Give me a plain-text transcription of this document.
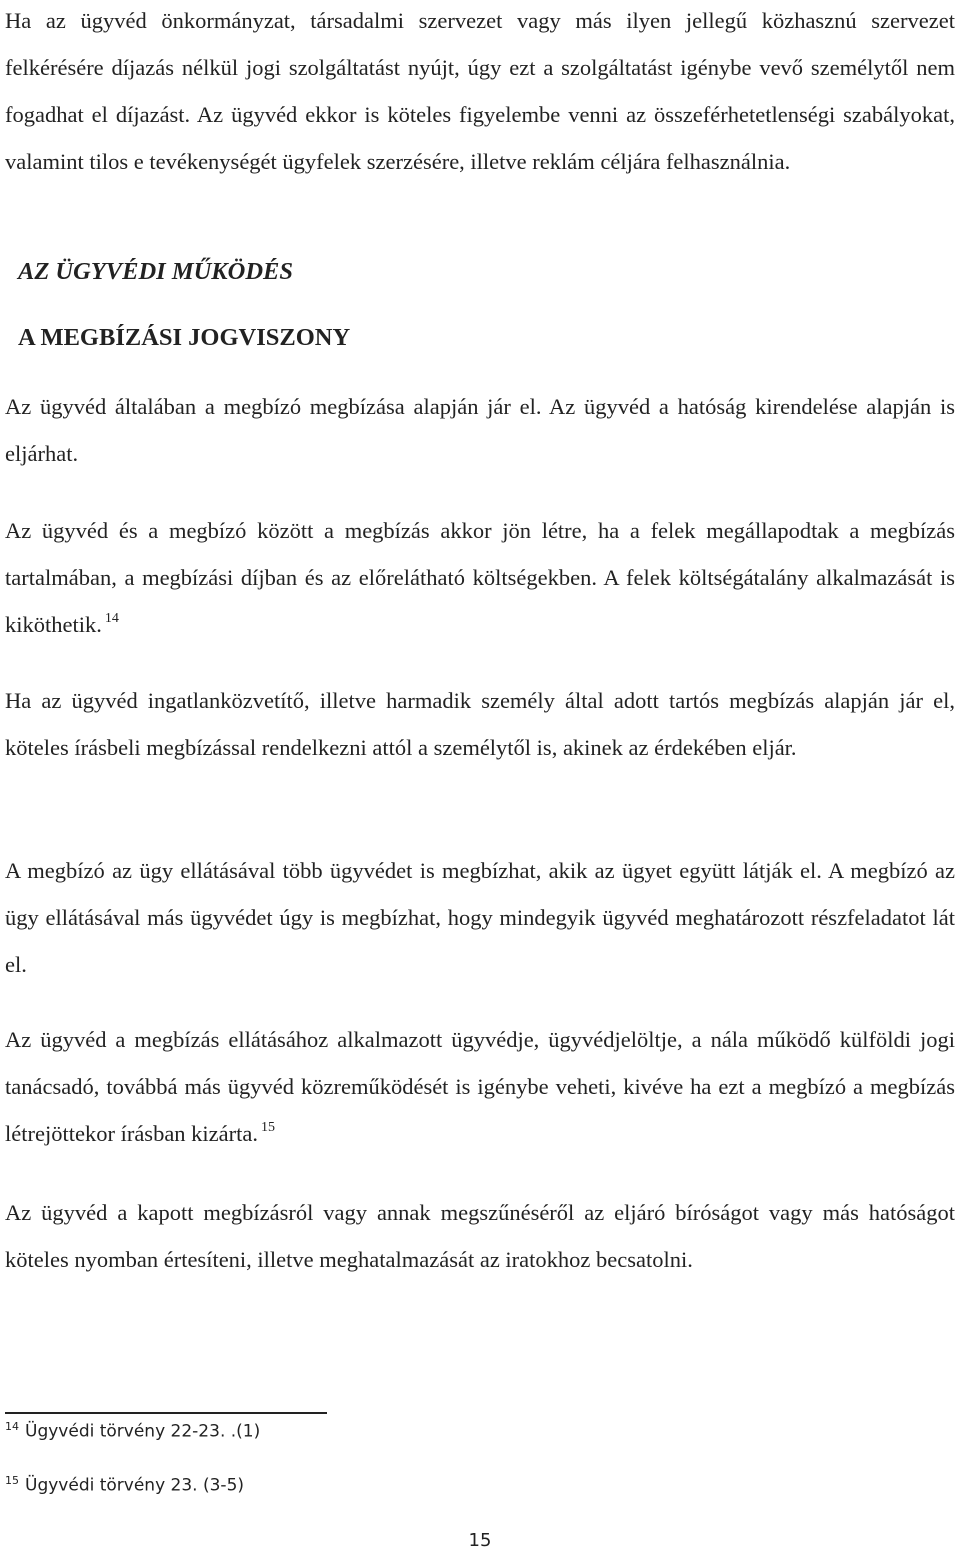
Ha az ügyvéd önkormányzat, társadalmi szervezet vagy más ilyen jellegű közhasznú szervezet felkérésére díjazás nélkül jogi szolgáltatást nyújt, úgy ezt a szolgáltatást igénybe vevő személytől nem fogadhat el díjazást. Az ügyvéd ekkor is köteles figyelembe venni az összeférhetetlenségi szabályokat, valamint tilos e tevékenységét ügyfelek szerzésére, illetve reklám céljára felhasználnia.

AZ ÜGYVÉDI MŰKÖDÉS
A MEGBÍZÁSI JOGVISZONY

Az ügyvéd általában a megbízó megbízása alapján jár el. Az ügyvéd a hatóság kirendelése alapján is eljárhat.

Az ügyvéd és a megbízó között a megbízás akkor jön létre, ha a felek megállapodtak a megbízás tartalmában, a megbízási díjban és az előrelátható költségekben. A felek költségátalány alkalmazását is kiköthetik. $^{14}$

Ha az ügyvéd ingatlanközvetítő, illetve harmadik személy által adott tartós megbízás alapján jár el, köteles írásbeli megbízással rendelkezni attól a személytől is, akinek az érdekében eljár.

A megbízó az ügy ellátásával több ügyvédet is megbízhat, akik az ügyet együtt látják el. A megbízó az ügy ellátásával más ügyvédet úgy is megbízhat, hogy mindegyik ügyvéd meghatározott részfeladatot lát el.

Az ügyvéd a megbízás ellátásához alkalmazott ügyvédje, ügyvédjelöltje, a nála működő külföldi jogi tanácsadó, továbbá más ügyvéd közreműködését is igénybe veheti, kivéve ha ezt a megbízó a megbízás létrejöttekor írásban kizárta. $^{15}$

Az ügyvéd a kapott megbízásról vagy annak megszűnéséről az eljáró bíróságot vagy más hatóságot köteles nyomban értesíteni, illetve meghatalmazását az iratokhoz becsatolni.

$^{14}$ Ügyvédi törvény 22-23. .(1)
$^{15}$ Ügyvédi törvény 23. (3-5)
15
